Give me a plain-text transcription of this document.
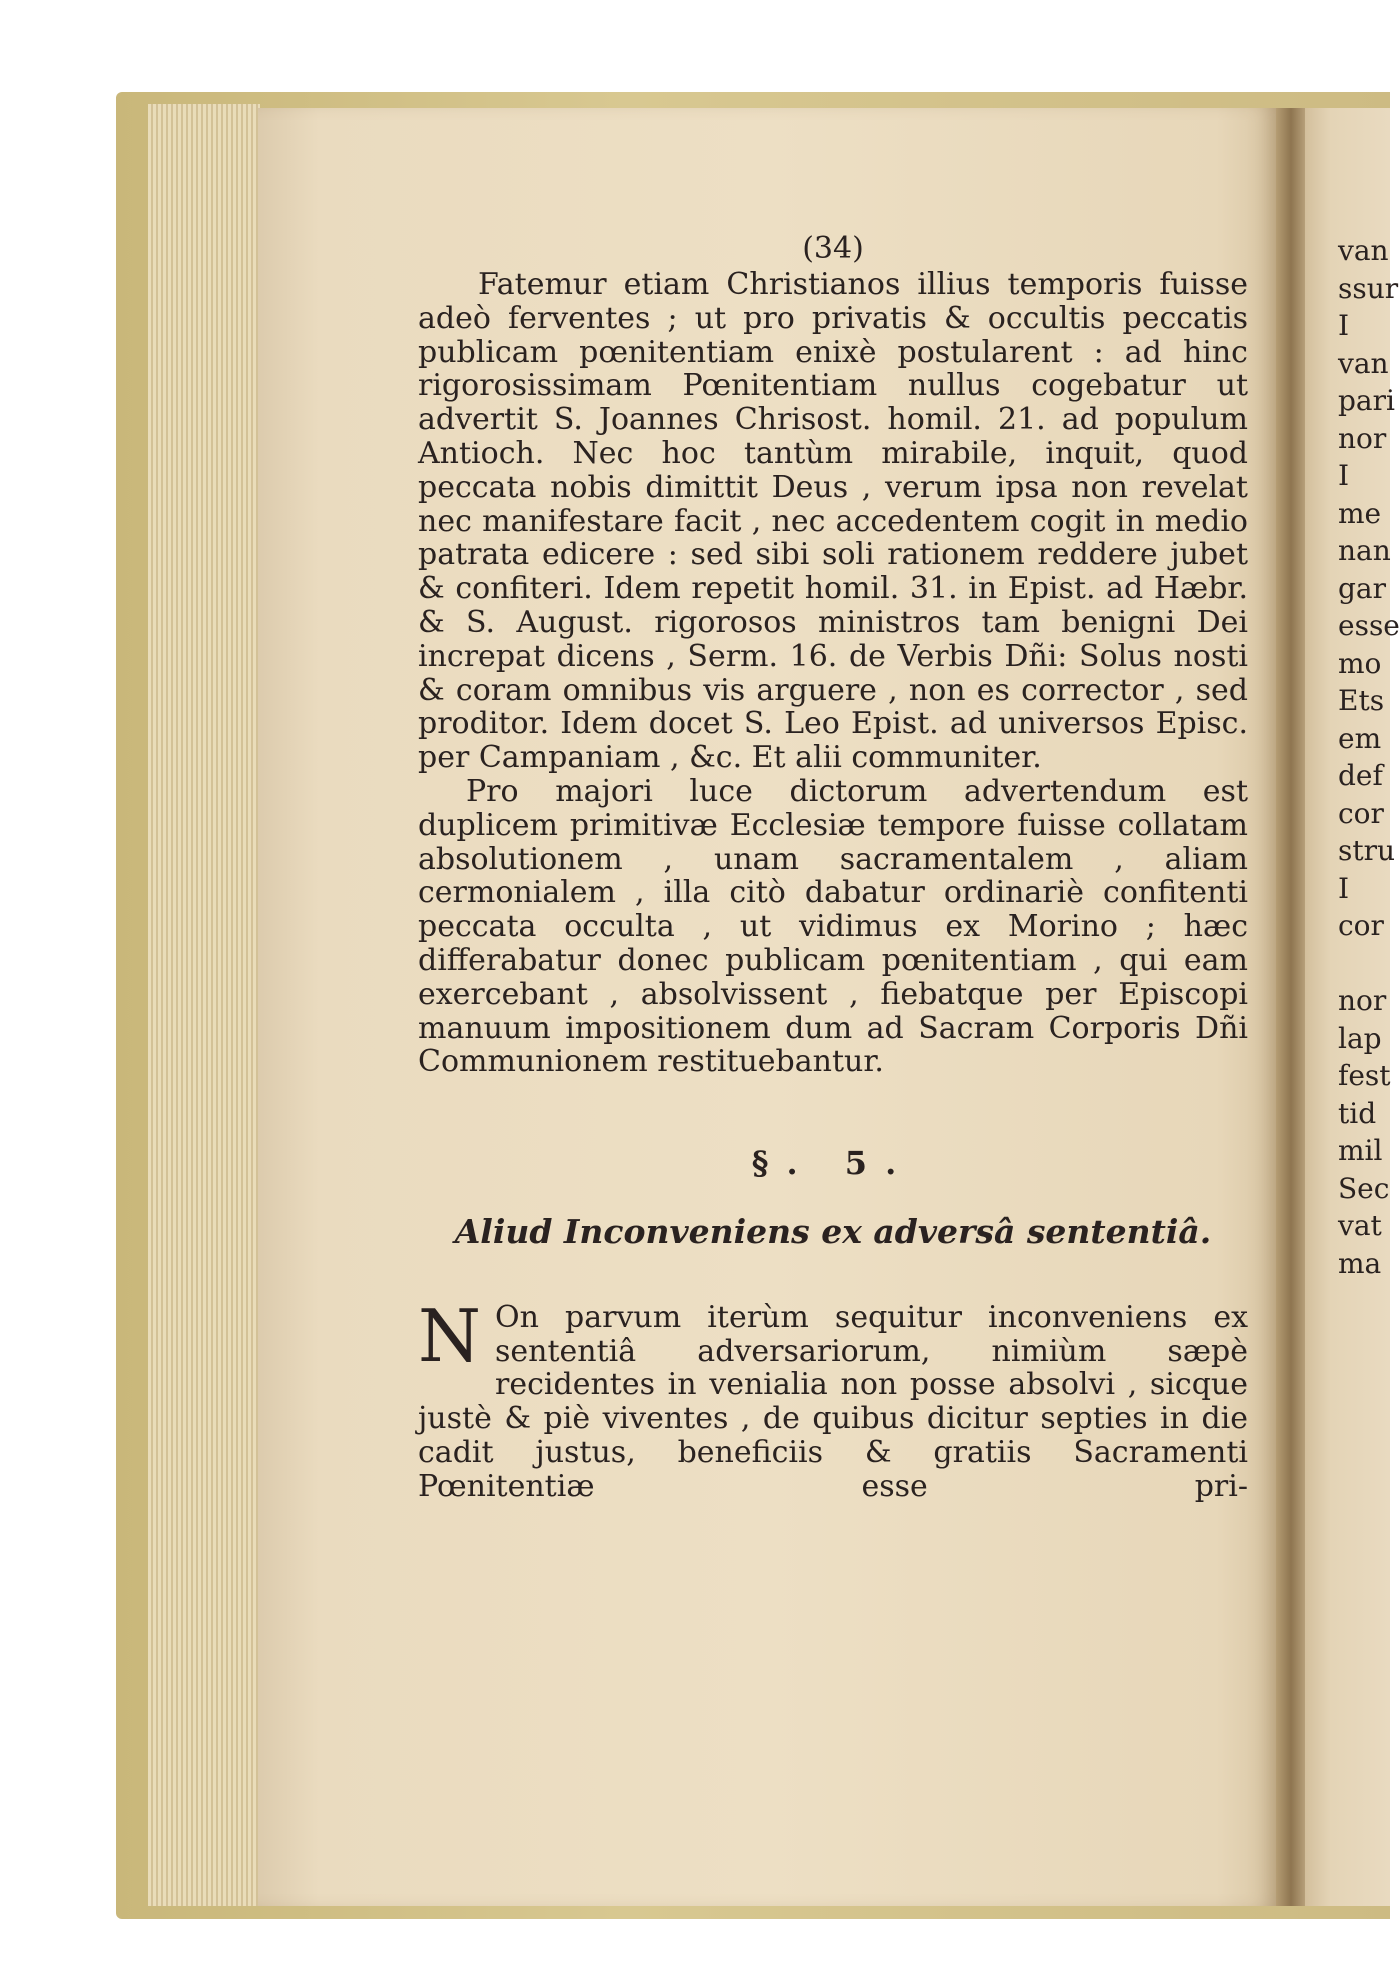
(34)

Fatemur etiam Christianos illius temporis fuisse adeò ferventes ; ut pro privatis & occultis peccatis publicam pœnitentiam enixè postularent : ad hinc rigorosissimam Pœnitentiam nullus cogebatur ut advertit S. Joannes Chrisost. homil. 21. ad populum Antioch. Nec hoc tantùm mirabile, inquit, quod peccata nobis dimittit Deus , verum ipsa non revelat nec manifestare facit , nec accedentem cogit in medio patrata edicere : sed sibi soli rationem reddere jubet & confiteri. Idem repetit homil. 31. in Epist. ad Hæbr. & S. August. rigorosos ministros tam benigni Dei increpat dicens , Serm. 16. de Verbis Dñi: Solus nosti & coram omnibus vis arguere , non es corrector , sed proditor. Idem docet S. Leo Epist. ad universos Episc. per Campaniam , &c. Et alii communiter.

Pro majori luce dictorum advertendum est duplicem primitivæ Ecclesiæ tempore fuisse collatam absolutionem , unam sacramentalem , aliam cermonialem , illa citò dabatur ordinariè confitenti peccata occulta , ut vidimus ex Morino ; hæc differabatur donec publicam pœnitentiam , qui eam exercebant , absolvissent , fiebatque per Episcopi manuum impositionem dum ad Sacram Corporis Dñi Communionem restituebantur.

§. 5.
Aliud Inconveniens ex adversâ sententiâ.
N On parvum iterùm sequitur inconveniens ex sententiâ adversariorum, nimiùm sæpè recidentes in venialia non posse absolvi , sicque justè & piè viventes , de quibus dicitur septies in die cadit justus, beneficiis & gratiis Sacramenti Pœnitentiæ esse pri-

van
ssur
I
van
pari
nor
I
me
nan
gar
esse
mo
Ets
em
def
cor
stru
I
cor
nor
lap
fest
tid
mil
Sec
vat
ma
